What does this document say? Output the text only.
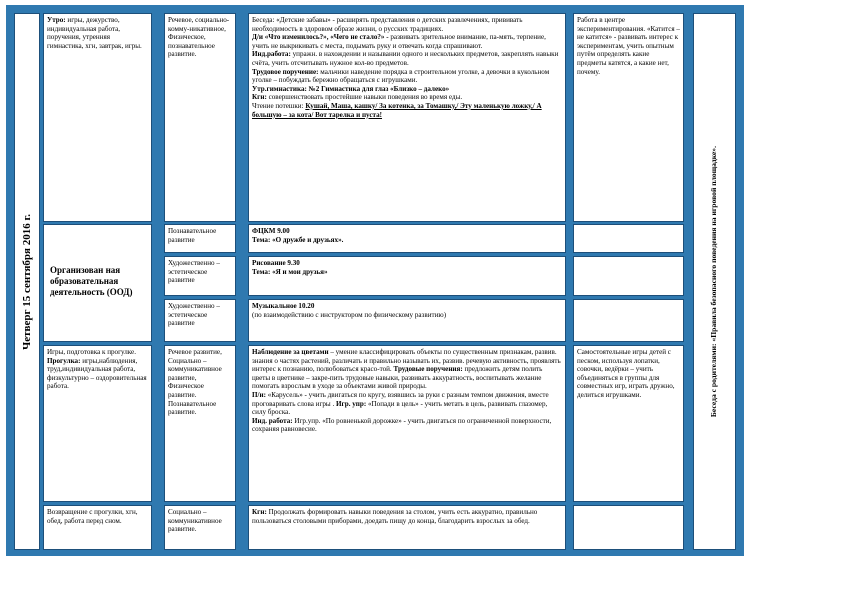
Четверг 15 сентября 2016 г.
Утро: игры, дежурство, индивидуальная работа, поручения, утренняя гимнастика, хгн, завтрак, игры.
Речевое, социально-комму-никативное, Физическое, познавательное развитие.

Беседа: «Детские забавы» - расширять представления о детских развлечениях, прививать необходимость в здоровом образе жизни, о русских традициях.

Д/и «Что изменилось?», «Чего не стало?» - развивать зрительное внимание, па-мять, терпение, учить не выкрикивать с места, подымать руку и отвечать когда спрашивают.

Инд.работа: упражн. в нахождении и назывании одного и нескольких предметов, закреплять навыки счёта, учить отсчитывать нужное кол-во предметов.

Трудовое поручение: мальчики наведение порядка в строительном уголке, а девочки в кукольном уголке – побуждать бережно обращаться с игрушками.

Утр.гимнастика: №2 Гимнастика для глаз «Близко – далеко»

Кгн: совершенствовать простейшие навыки поведения во время еды.

Чтение потешки: Кушай, Маша, кашку/ За котенка, за Томашку,/ Эту маленькую ложку,/ А большую – за кота/ Вот тарелка и пуста!

Работа в центре экспериментирования. «Катится – не катится» - развивать интерес к экспериментам, учить опытным путём определять какие предметы катятся, а какие нет, почему.
Организован ная образовательная деятельность (ООД)
Познавательное развитие

ФЦКМ 9.00

Тема: «О дружбе и друзьях».

Художественно – эстетическое развитие

Рисование 9.30

Тема: «Я и мои друзья»

Художественно – эстетическое развитие

Музыкальное 10.20

(по взаимодействию с инструктором по физическому развитию)

Игры, подготовка к прогулке.

Прогулка: игры,наблюдения, труд,индивидуальная работа, физкультурно – оздоровительная работа.
Речевое развитие, Социально – коммуникативное развитие, Физическое развитие. Познавательное развитие.

Наблюдение за цветами – умение классифицировать объекты по существенным признакам, развив. знания о частях растений, различать и правильно называть их, развив. речевую активность, проявлять интерес к познанию, полюбоваться красо-той. Трудовые поручения: предложить детям полить цветы в цветнике – закре-пить трудовые навыки, развивать аккуратность, воспитывать желание помогать взрослым в уходе за объектами живой природы.

П/и: «Карусель» - учить двигаться по кругу, взявшись за руки с разным темпом движения, вместе проговаривать слова игры . Игр. упр: «Попади в цель» - учить метать в цель, развивать глазомер, силу броска.

Инд. работа: Игр.упр. «По ровненькой дорожке» - учить двигаться по ограниченной поверхности, сохраняя равновесие.

Самостоятельные игры детей с песком, используя лопатки, совочки, ведёрки – учить объединяться в группы для совместных игр, играть дружно, делиться игрушками.
Возвращение с прогулки, хгн, обед, работа перед сном.
Социально – коммуникативное развитие.
Кгн: Продолжать формировать навыки поведения за столом, учить есть аккуратно, правильно пользоваться столовыми приборами, доедать пищу до конца, благодарить взрослых за обед.
Беседа с родителями: «Правила безопасного поведения на игровой площадке».
